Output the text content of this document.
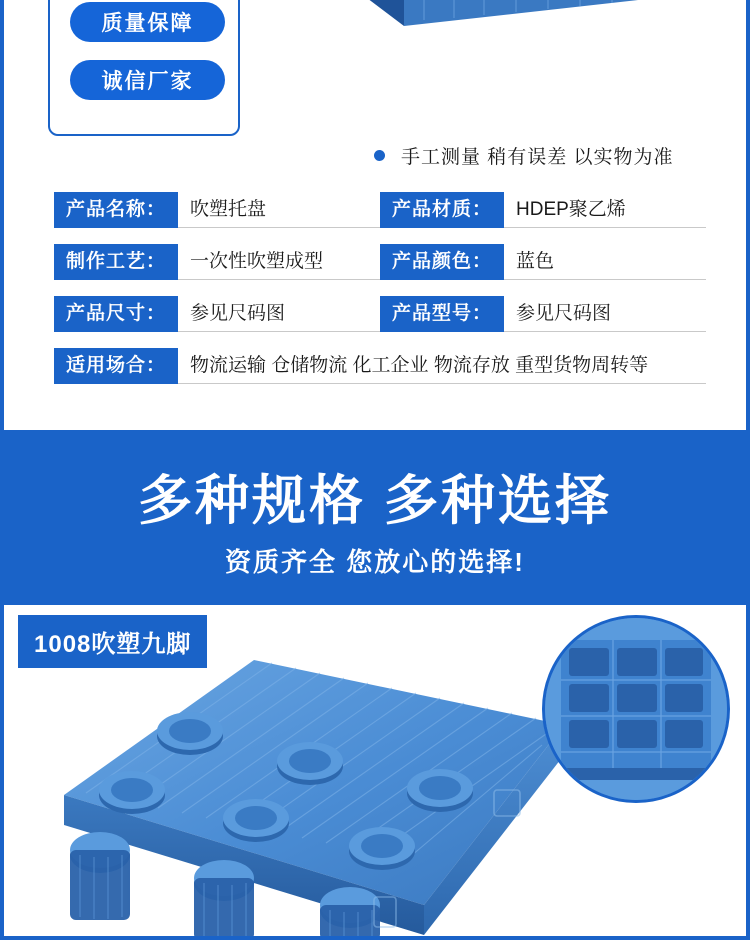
质量保障
诚信厂家
手工测量 稍有误差 以实物为准
产品名称：	吹塑托盘	产品材质：	HDEP聚乙烯
制作工艺：	一次性吹塑成型	产品颜色：	蓝色
产品尺寸：	参见尺码图	产品型号：	参见尺码图
适用场合：	物流运输 仓储物流 化工企业 物流存放 重型货物周转等
多种规格 多种选择
资质齐全 您放心的选择!
1008吹塑九脚
